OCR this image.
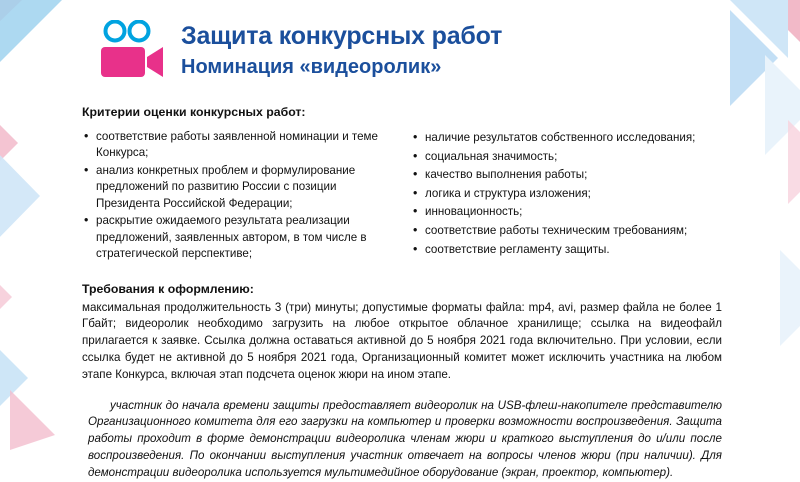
Защита конкурсных работ
Номинация «видеоролик»
Критерии оценки конкурсных работ:
• соответствие работы заявленной номинации и теме Конкурса;
• анализ конкретных проблем и формулирование предложений по развитию России с позиции Президента Российской Федерации;
• раскрытие ожидаемого результата реализации предложений, заявленных автором, в том числе в стратегической перспективе;
• наличие результатов собственного исследования;
• социальная значимость;
• качество выполнения работы;
• логика и структура изложения;
• инновационность;
• соответствие работы техническим требованиям;
• соответствие регламенту защиты.
Требования к оформлению:
максимальная продолжительность 3 (три) минуты; допустимые форматы файла: mp4, avi, размер файла не более 1 Гбайт; видеоролик необходимо загрузить на любое открытое облачное хранилище; ссылка на видеофайл прилагается к заявке. Ссылка должна оставаться активной до 5 ноября 2021 года включительно. При условии, если ссылка будет не активной до 5 ноября 2021 года, Организационный комитет может исключить участника на любом этапе Конкурса, включая этап подсчета оценок жюри на ином этапе.
участник до начала времени защиты предоставляет видеоролик на USB-флеш-накопителе представителю Организационного комитета для его загрузки на компьютер и проверки возможности воспроизведения. Защита работы проходит в форме демонстрации видеоролика членам жюри и краткого выступления до и/или после воспроизведения. По окончании выступления участник отвечает на вопросы членов жюри (при наличии). Для демонстрации видеоролика используется мультимедийное оборудование (экран, проектор, компьютер).
